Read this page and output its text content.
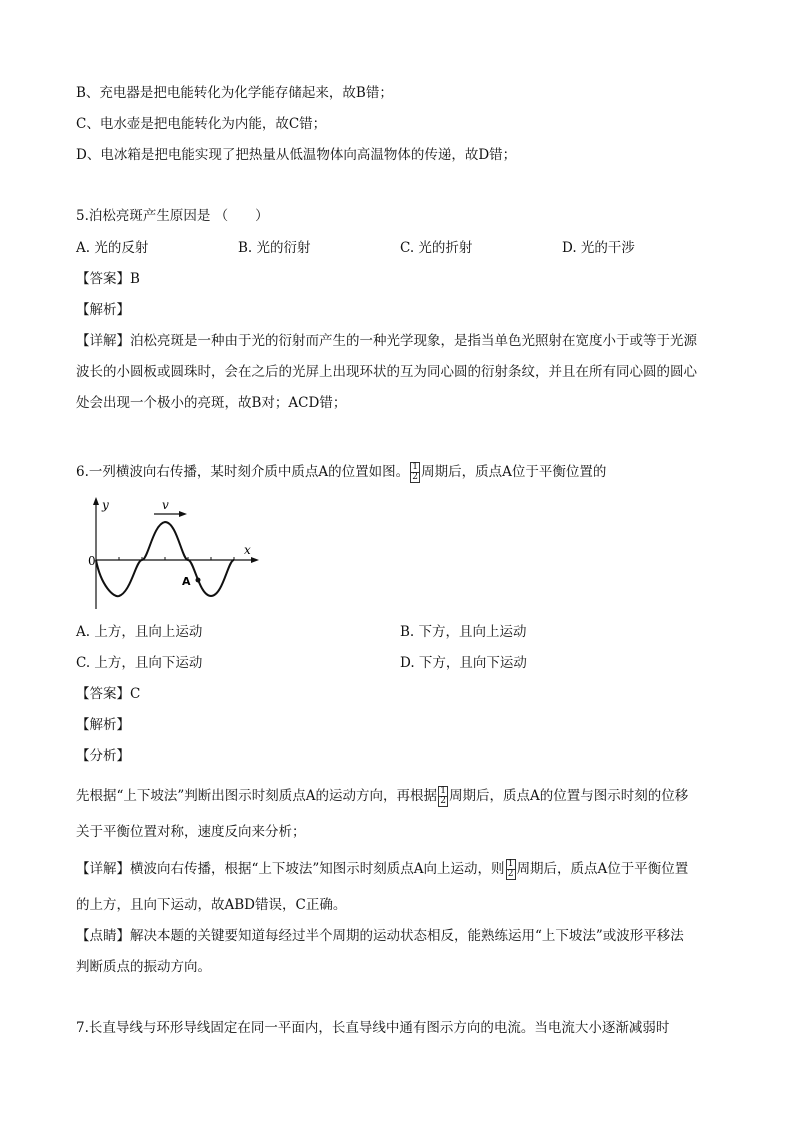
B、充电器是把电能转化为化学能存储起来，故B错；
C、电水壶是把电能转化为内能，故C错；
D、电冰箱是把电能实现了把热量从低温物体向高温物体的传递，故D错；
5.泊松亮斑产生原因是 （　　）
A. 光的反射	B. 光的衍射	C. 光的折射	D. 光的干涉
【答案】B
【解析】
【详解】泊松亮斑是一种由于光的衍射而产生的一种光学现象，是指当单色光照射在宽度小于或等于光源
波长的小圆板或圆珠时，会在之后的光屏上出现环状的互为同心圆的衍射条纹，并且在所有同心圆的圆心
处会出现一个极小的亮斑，故B对；ACD错；
6.一列横波向右传播，某时刻介质中质点A的位置如图。 $\frac{1}{2}$ 周期后，质点A位于平衡位置的
y
x
0
v
A
A. 上方，且向上运动	B. 下方，且向上运动
C. 上方，且向下运动	D. 下方，且向下运动
【答案】C
【解析】
【分析】
先根据“上下坡法”判断出图示时刻质点A的运动方向，再根据 $\frac{1}{2}$ 周期后，质点A的位置与图示时刻的位移
关于平衡位置对称，速度反向来分析；
【详解】横波向右传播，根据“上下坡法”知图示时刻质点A向上运动，则 $\frac{1}{2}$ 周期后，质点A位于平衡位置
的上方，且向下运动，故ABD错误，C正确。
【点睛】解决本题的关键要知道每经过半个周期的运动状态相反，能熟练运用“上下坡法”或波形平移法
判断质点的振动方向。
7.长直导线与环形导线固定在同一平面内，长直导线中通有图示方向的电流。当电流大小逐渐减弱时
